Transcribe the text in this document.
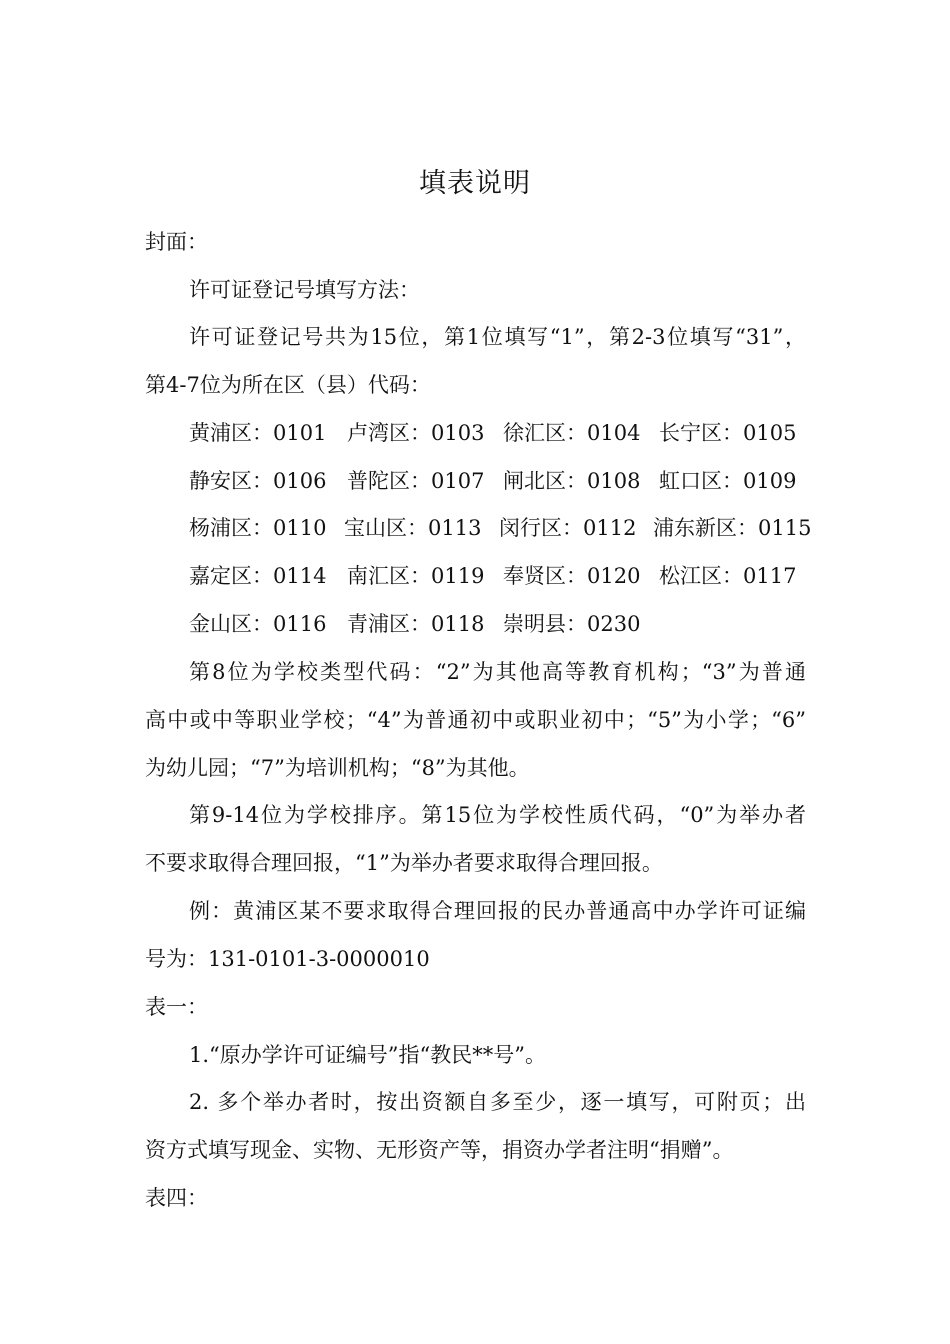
填表说明
封面：
许可证登记号填写方法：
许可证登记号共为15位，第1位填写“1”，第2-3位填写“31”，
第4-7位为所在区（县）代码：
黄浦区：0101 卢湾区：0103 徐汇区：0104 长宁区：0105
静安区：0106 普陀区：0107 闸北区：0108 虹口区：0109
杨浦区：0110 宝山区：0113 闵行区：0112 浦东新区：0115
嘉定区：0114 南汇区：0119 奉贤区：0120 松江区：0117
金山区：0116 青浦区：0118 崇明县：0230
第8位为学校类型代码：“2”为其他高等教育机构；“3”为普通
高中或中等职业学校；“4”为普通初中或职业初中；“5”为小学；“6”
为幼儿园；“7”为培训机构；“8”为其他。
第9-14位为学校排序。第15位为学校性质代码，“0”为举办者
不要求取得合理回报，“1”为举办者要求取得合理回报。
例：黄浦区某不要求取得合理回报的民办普通高中办学许可证编
号为：131-0101-3-0000010
表一：
1.“原办学许可证编号”指“教民**号”。
2. 多个举办者时，按出资额自多至少，逐一填写，可附页；出
资方式填写现金、实物、无形资产等，捐资办学者注明“捐赠”。
表四：
